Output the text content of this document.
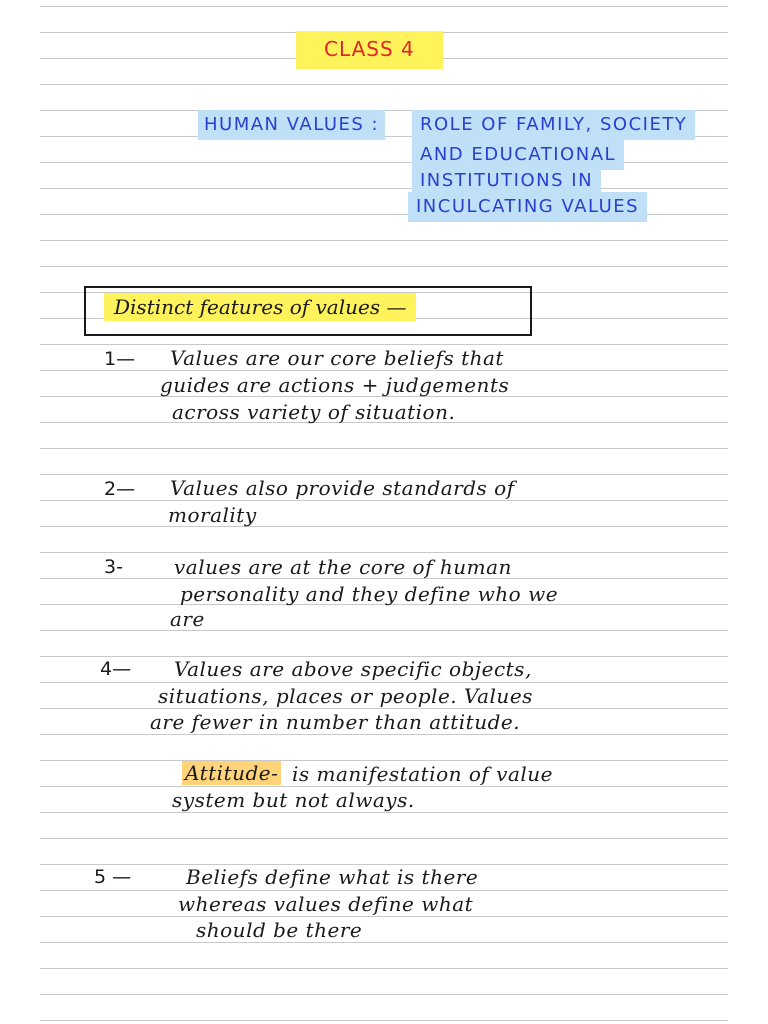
CLASS 4
HUMAN VALUES :	ROLE OF FAMILY, SOCIETY
AND EDUCATIONAL
INSTITUTIONS IN
INCULCATING VALUES
Distinct features of values —
1— Values are our core beliefs that
guides are actions + judgements
across variety of situation.
2— Values also provide standards of
morality
3-	values are at the core of human
personality and they define who we
are
4— Values are above specific objects,
situations, places or people. Values
are fewer in number than attitude.
Attitude- is manifestation of value
system but not always.
5 —	Beliefs define what is there
whereas values define what
should be there
